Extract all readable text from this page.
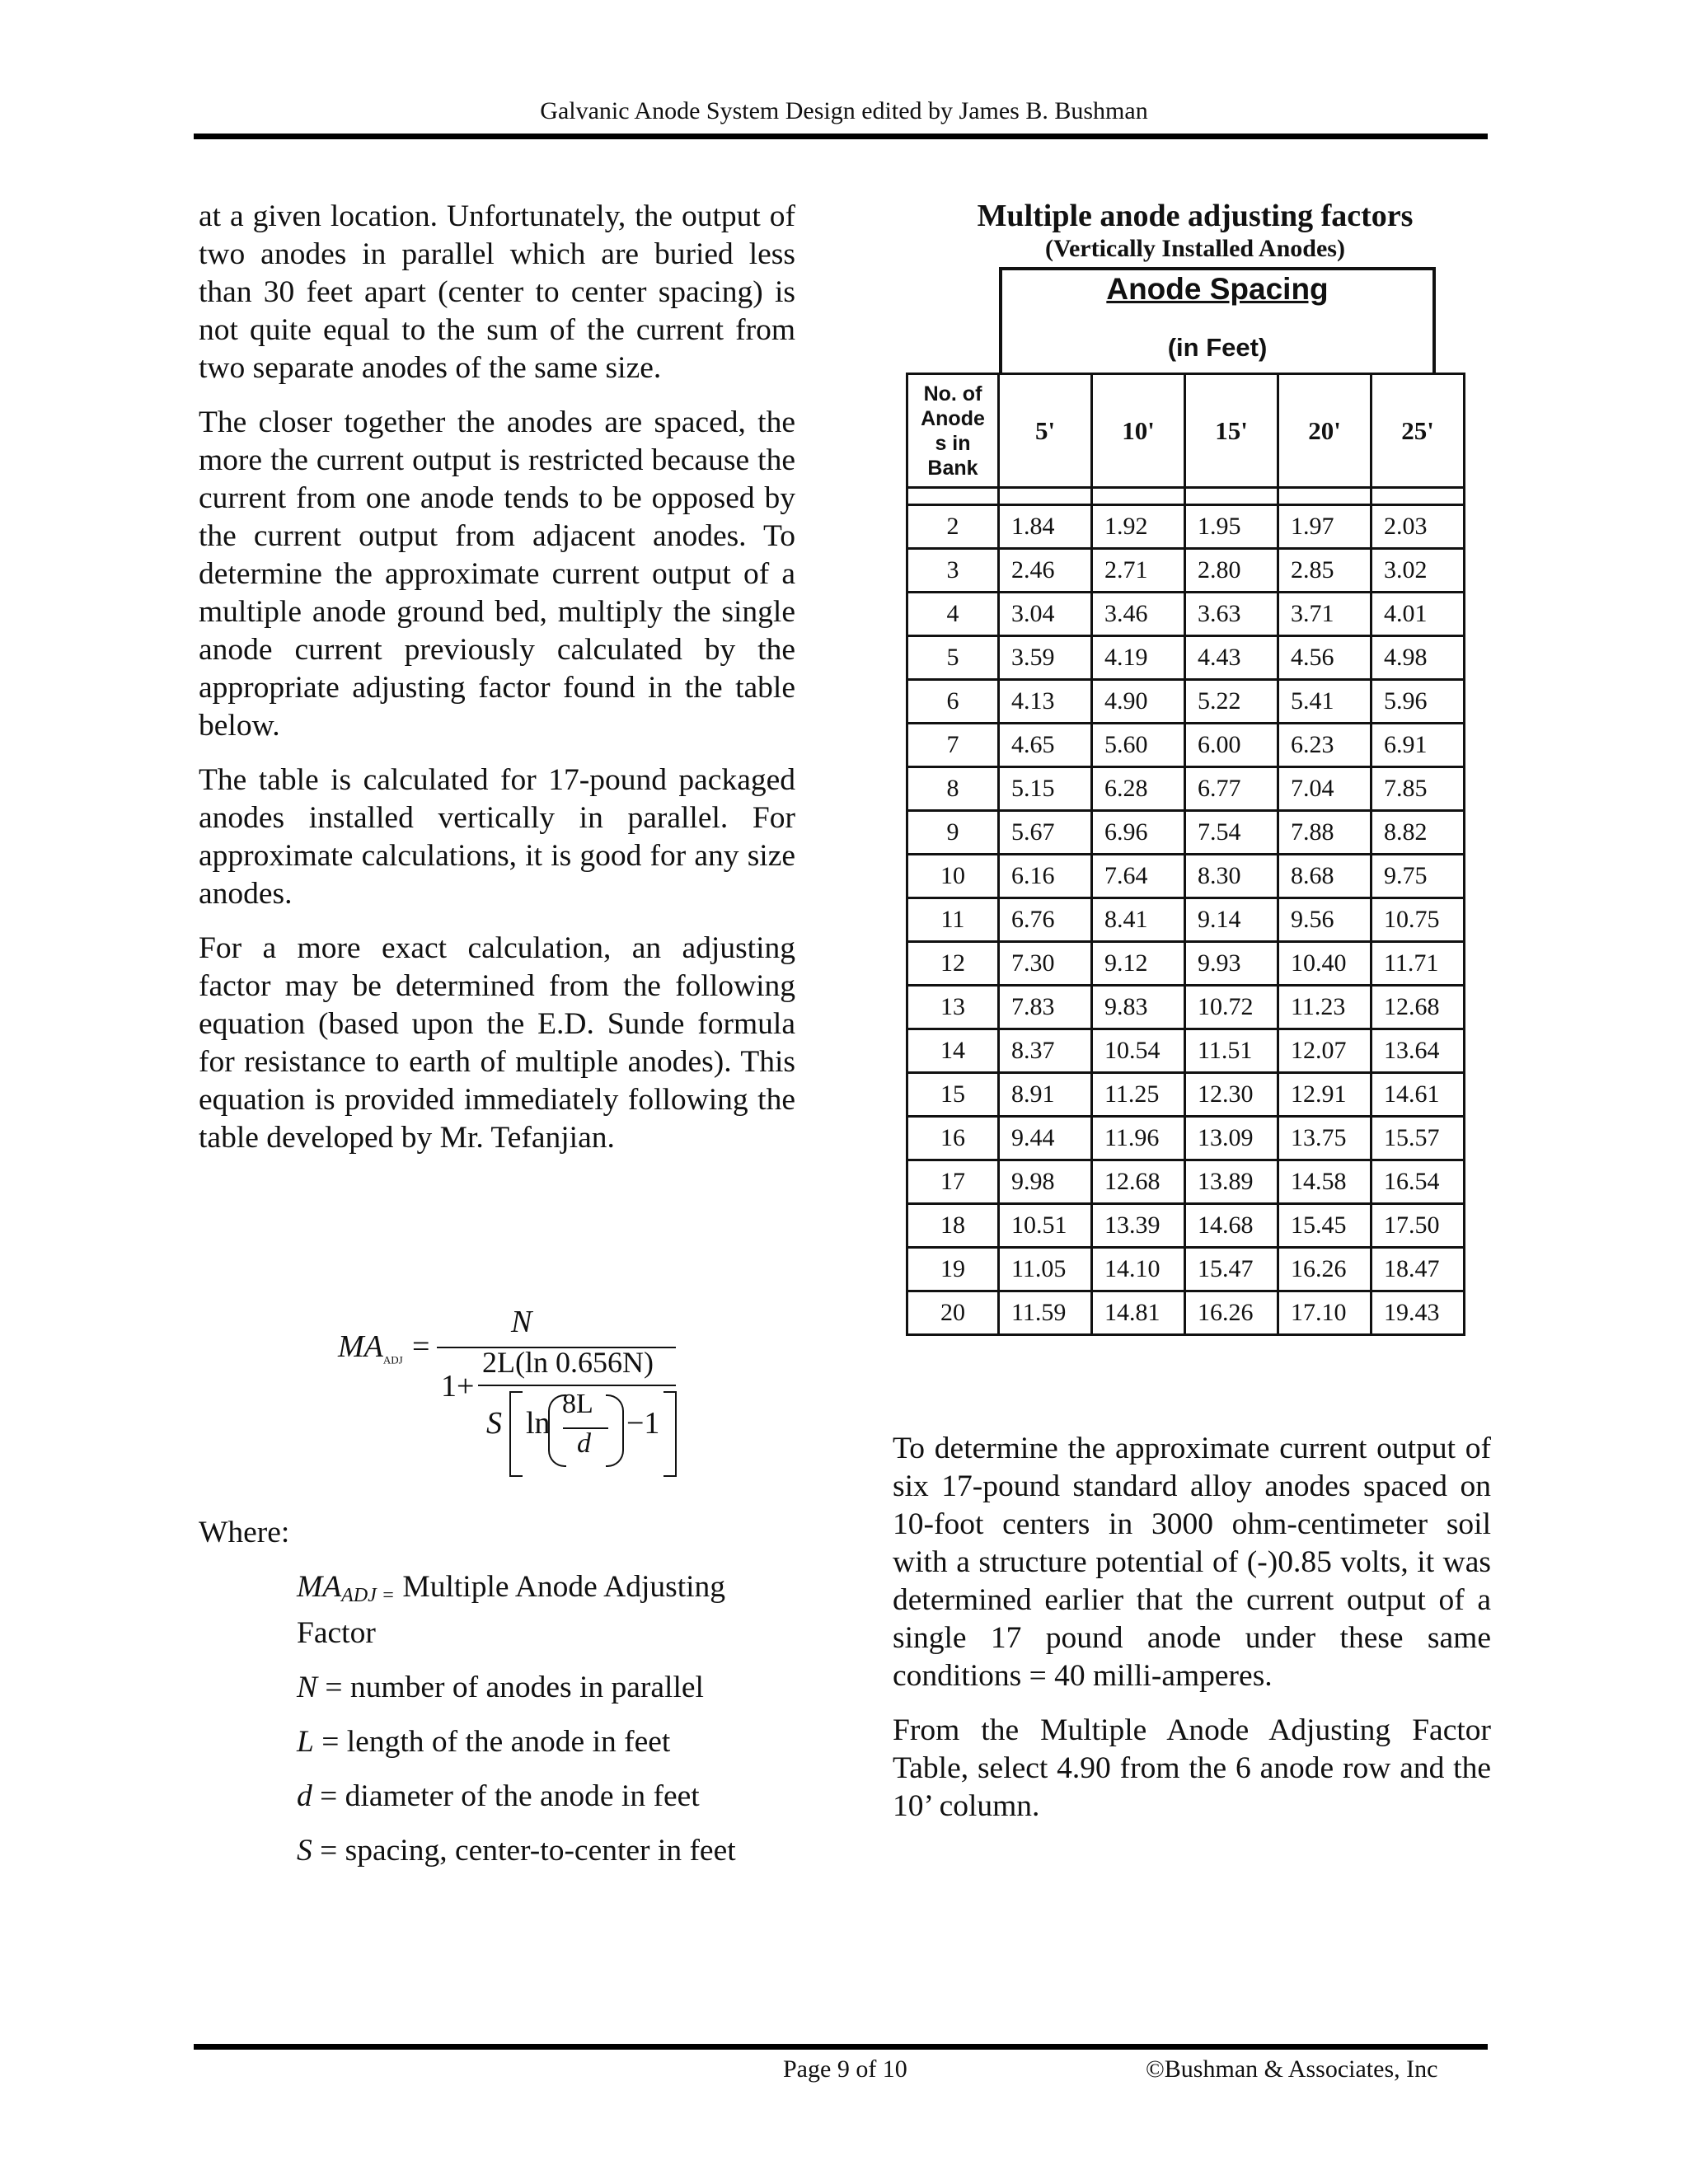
Galvanic Anode System Design edited by James B. Bushman

at a given location. Unfortunately, the output of two anodes in parallel which are buried less than 30 feet apart (center to center spacing) is not quite equal to the sum of the current from two separate anodes of the same size.

The closer together the anodes are spaced, the more the current output is restricted because the current from one anode tends to be opposed by the current output from adjacent anodes. To determine the approximate current output of a multiple anode ground bed, multiply the single anode current previously calculated by the appropriate adjusting factor found in the table below.

The table is calculated for 17-pound packaged anodes installed vertically in parallel. For approximate calculations, it is good for any size anodes.

For a more exact calculation, an adjusting factor may be determined from the following equation (based upon the E.D. Sunde formula for resistance to earth of multiple anodes). This equation is provided immediately following the table developed by Mr. Tefanjian.

$MA_{ADJ}$ =
N
1+
2L(ln 0.656N)
S ln
8L
d
−1
Where:
$MA_{ADJ =}$ Multiple Anode Adjusting Factor
N = number of anodes in parallel
L = length of the anode in feet
d = diameter of the anode in feet
S = spacing, center-to-center in feet
Multiple anode adjusting factors
(Vertically Installed Anodes)
Anode Spacing
(in Feet)
No. of
Anode
s in
Bank	5'	10'	15'	20'	25'

2	1.84	1.92	1.95	1.97	2.03
3	2.46	2.71	2.80	2.85	3.02
4	3.04	3.46	3.63	3.71	4.01
5	3.59	4.19	4.43	4.56	4.98
6	4.13	4.90	5.22	5.41	5.96
7	4.65	5.60	6.00	6.23	6.91
8	5.15	6.28	6.77	7.04	7.85
9	5.67	6.96	7.54	7.88	8.82
10	6.16	7.64	8.30	8.68	9.75
11	6.76	8.41	9.14	9.56	10.75
12	7.30	9.12	9.93	10.40	11.71
13	7.83	9.83	10.72	11.23	12.68
14	8.37	10.54	11.51	12.07	13.64
15	8.91	11.25	12.30	12.91	14.61
16	9.44	11.96	13.09	13.75	15.57
17	9.98	12.68	13.89	14.58	16.54
18	10.51	13.39	14.68	15.45	17.50
19	11.05	14.10	15.47	16.26	18.47
20	11.59	14.81	16.26	17.10	19.43

To determine the approximate current output of six 17-pound standard alloy anodes spaced on 10-foot centers in 3000 ohm-centimeter soil with a structure potential of (-)0.85 volts, it was determined earlier that the current output of a single 17 pound anode under these same conditions = 40 milli-amperes.

From the Multiple Anode Adjusting Factor Table, select 4.90 from the 6 anode row and the 10’ column.

Page 9 of 10	©Bushman & Associates, Inc
